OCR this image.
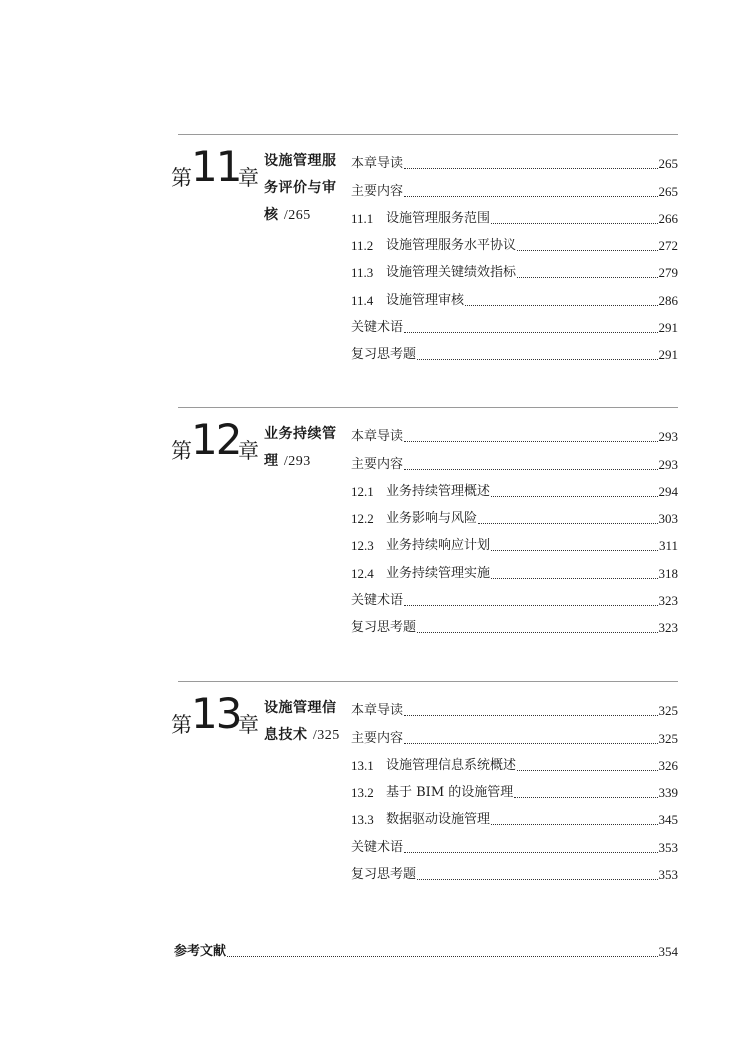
第 11
章
设施管理服
务评价与审
核 /265
本章导读	265
主要内容	265
11.1 设施管理服务范围	266
11.2 设施管理服务水平协议	272
11.3 设施管理关键绩效指标	279
11.4 设施管理审核	286
关键术语	291
复习思考题	291
第 12
章
业务持续管
理 /293
本章导读	293
主要内容	293
12.1 业务持续管理概述	294
12.2 业务影响与风险	303
12.3 业务持续响应计划	311
12.4 业务持续管理实施	318
关键术语	323
复习思考题	323
第 13
章
设施管理信
息技术 /325
本章导读	325
主要内容	325
13.1 设施管理信息系统概述	326
13.2 基于 BIM 的设施管理	339
13.3 数据驱动设施管理	345
关键术语	353
复习思考题	353
参考文献	354
